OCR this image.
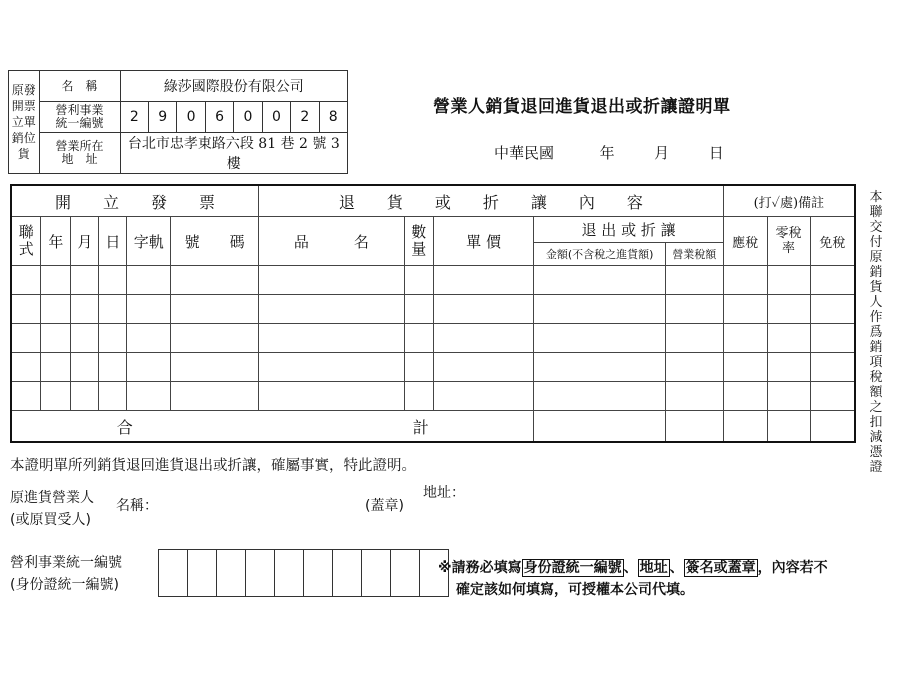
原發
開票
立單
銷位
貨	名　稱	綠莎國際股份有限公司							

	營利事業
統一編號	2	9	0	6	0	0	2	8

	營業所在
地　址	台北市忠孝東路六段 81 巷 2 號 3 樓							
營業人銷貨退回進貨退出或折讓證明單
中華民國	年	月	日
開　　立　　發　　票						退　　貨　　或　　折　　讓　　內　　容					(打✓處)備註		
聯式	年	月	日	字軌	號　　碼	品　　　名	數量	單 價	退 出 或 折 讓		應稅	零稅率	免稅
									金額(不含稅之進貨額)	營業稅額			

合 計													
本聯交付原銷貨人作爲銷項稅額之扣減憑證
本證明單所列銷貨退回進貨退出或折讓，確屬事實，特此證明。
原進貨營業人
(或原買受人)
名稱：	(蓋章)
地址：
營利事業統一編號
(身份證統一編號)

※請務必填寫 身份證統一編號 、 地址 、 簽名或蓋章 ，內容若不
確定該如何填寫，可授權本公司代填。
